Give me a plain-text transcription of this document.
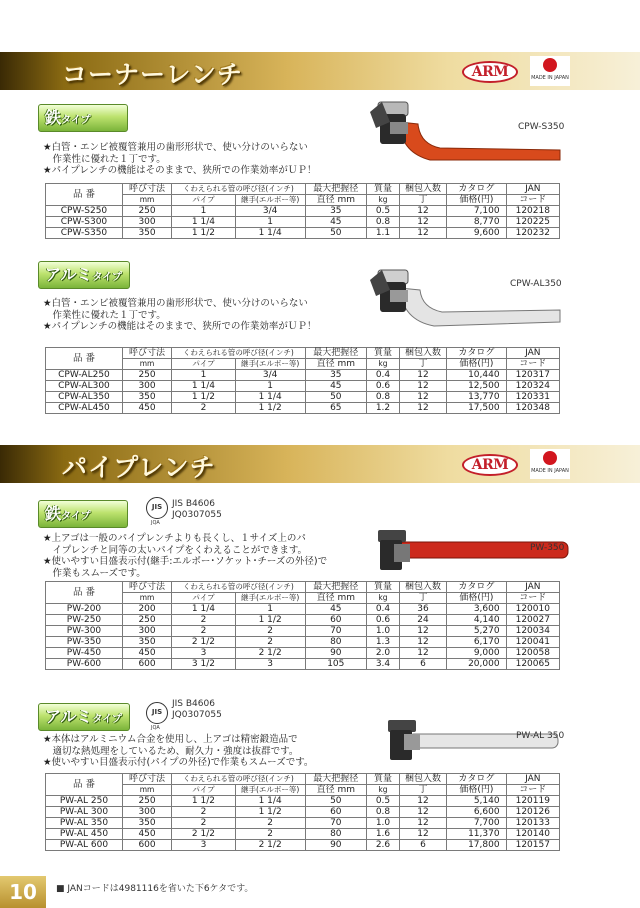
コーナーレンチ	ARM	MADE IN JAPAN
鉄タイプ
CPW-S350
★白管・エンビ被覆管兼用の歯形形状で、使い分けのいらない
　作業性に優れた１丁です。
★パイプレンチの機能はそのままで、狭所での作業効率がＵＰ！
品 番	呼び寸法	くわえられる管の呼び径(インチ)		最大把握径	質量	梱包入数	カタログ	JAN
	mm	パイプ	継手(エルボー等)	直径 mm	kg	丁	価格(円)	コード
CPW-S250	250	1	3/4	35	0.5	12	7,100	120218
CPW-S300	300	1 1/4	1	45	0.8	12	8,770	120225
CPW-S350	350	1 1/2	1 1/4	50	1.1	12	9,600	120232
アルミタイプ
CPW-AL350
★白管・エンビ被覆管兼用の歯形形状で、使い分けのいらない
　作業性に優れた１丁です。
★パイプレンチの機能はそのままで、狭所での作業効率がＵＰ！
品 番	呼び寸法	くわえられる管の呼び径(インチ)		最大把握径	質量	梱包入数	カタログ	JAN
	mm	パイプ	継手(エルボー等)	直径 mm	kg	丁	価格(円)	コード
CPW-AL250	250	1	3/4	35	0.4	12	10,440	120317
CPW-AL300	300	1 1/4	1	45	0.6	12	12,500	120324
CPW-AL350	350	1 1/2	1 1/4	50	0.8	12	13,770	120331
CPW-AL450	450	2	1 1/2	65	1.2	12	17,500	120348
パイプレンチ	ARM	MADE IN JAPAN
鉄タイプ
JIS
JQA
JIS B4606
JQ0307055
PW-350
★上アゴは一般のパイプレンチよりも長くし、１サイズ上のパ
　イプレンチと同等の太いパイプをくわえることができます。
★使いやすい目盛表示付(継手:エルボー･ソケット･チーズの外径)で
　作業もスムーズです。
品 番	呼び寸法	くわえられる管の呼び径(インチ)		最大把握径	質量	梱包入数	カタログ	JAN
	mm	パイプ	継手(エルボー等)	直径 mm	kg	丁	価格(円)	コード
PW-200	200	1 1/4	1	45	0.4	36	3,600	120010
PW-250	250	2	1 1/2	60	0.6	24	4,140	120027
PW-300	300	2	2	70	1.0	12	5,270	120034
PW-350	350	2 1/2	2	80	1.3	12	6,170	120041
PW-450	450	3	2 1/2	90	2.0	12	9,000	120058
PW-600	600	3 1/2	3	105	3.4	6	20,000	120065
アルミタイプ
JIS
JQA
JIS B4606
JQ0307055
PW-AL 350
★本体はアルミニウム合金を使用し、上アゴは精密鍛造品で
　適切な熱処理をしているため、耐久力・強度は抜群です。
★使いやすい目盛表示付(パイプの外径)で作業もスムーズです。
品 番	呼び寸法	くわえられる管の呼び径(インチ)		最大把握径	質量	梱包入数	カタログ	JAN
	mm	パイプ	継手(エルボー等)	直径 mm	kg	丁	価格(円)	コード
PW-AL 250	250	1 1/2	1 1/4	50	0.5	12	5,140	120119
PW-AL 300	300	2	1 1/2	60	0.8	12	6,600	120126
PW-AL 350	350	2	2	70	1.0	12	7,700	120133
PW-AL 450	450	2 1/2	2	80	1.6	12	11,370	120140
PW-AL 600	600	3	2 1/2	90	2.6	6	17,800	120157
10	■ JANコードは4981116を省いた下6ケタです。
